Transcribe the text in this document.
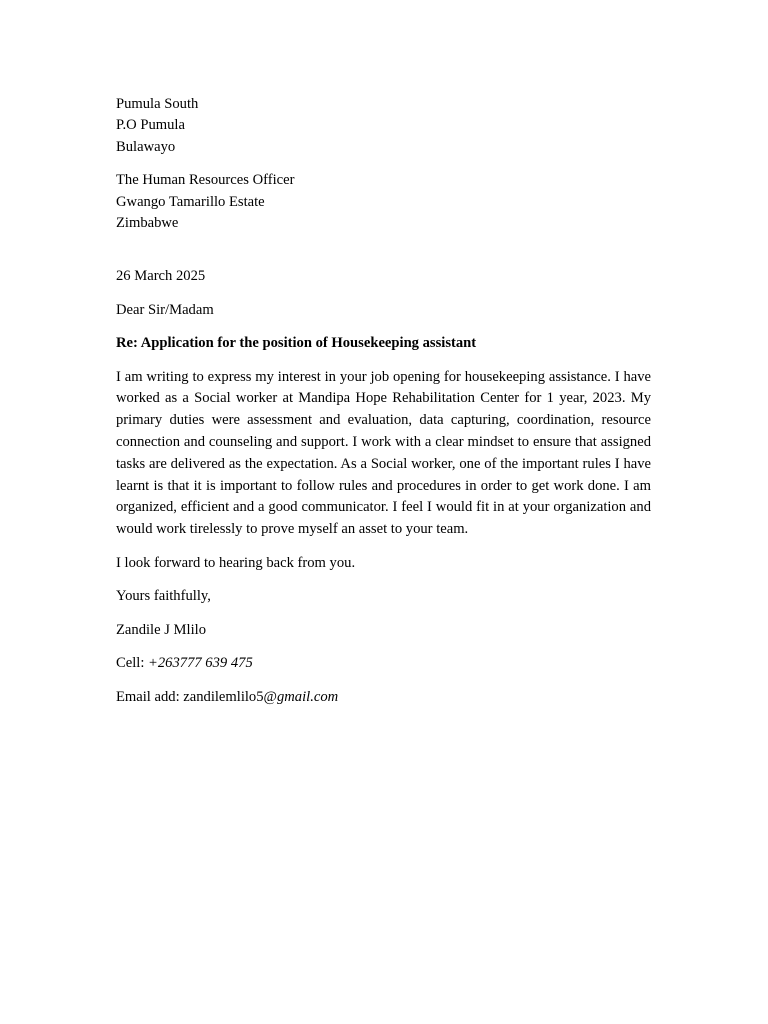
Pumula South
P.O Pumula
Bulawayo
The Human Resources Officer
Gwango Tamarillo Estate
Zimbabwe
26 March 2025
Dear Sir/Madam
Re: Application for the position of Housekeeping assistant

I am writing to express my interest in your job opening for housekeeping assistance. I have worked as a Social worker at Mandipa Hope Rehabilitation Center for 1 year, 2023. My primary duties were assessment and evaluation, data capturing, coordination, resource connection and counseling and support. I work with a clear mindset to ensure that assigned tasks are delivered as the expectation. As a Social worker, one of the important rules I have learnt is that it is important to follow rules and procedures in order to get work done. I am organized, efficient and a good communicator. I feel I would fit in at your organization and would work tirelessly to prove myself an asset to your team.

I look forward to hearing back from you.
Yours faithfully,
Zandile J Mlilo
Cell: +263777 639 475
Email add: zandilemlilo5@gmail.com
